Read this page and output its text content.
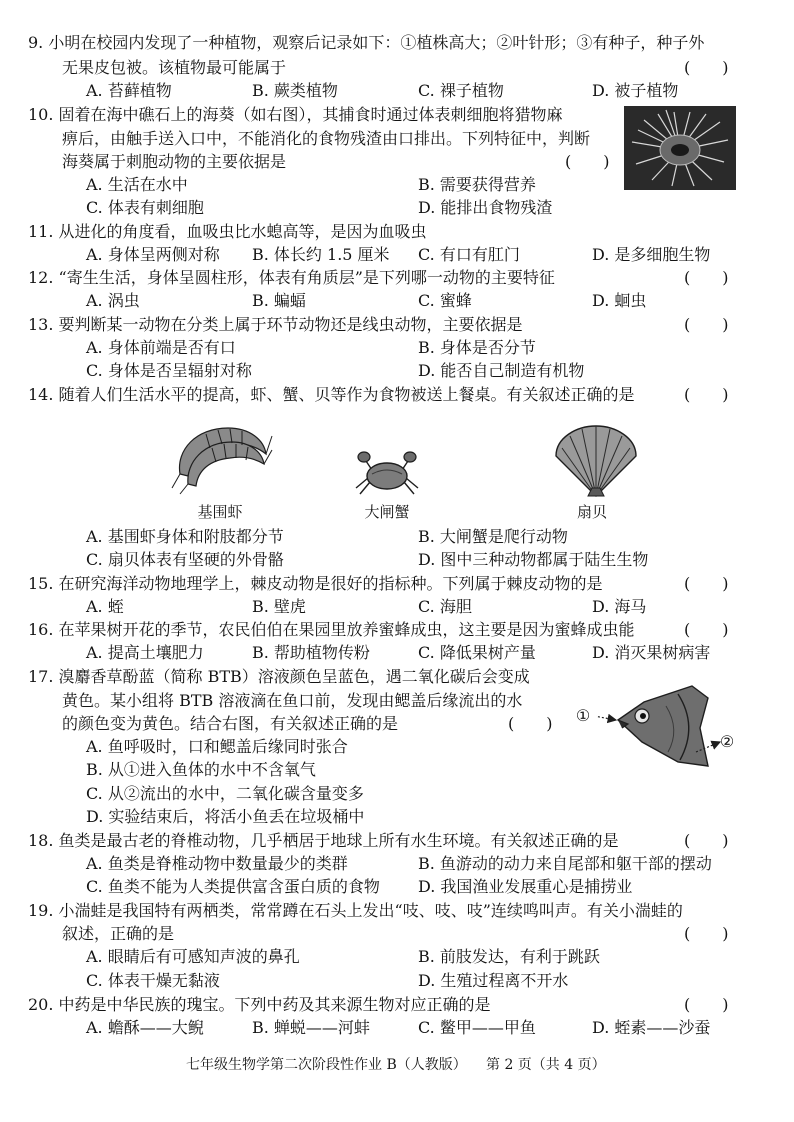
9. 小明在校园内发现了一种植物，观察后记录如下：①植株高大；②叶针形；③有种子，种子外
无果皮包被。该植物最可能属于	(　　)
A. 苔藓植物	B. 蕨类植物	C. 裸子植物	D. 被子植物
10. 固着在海中礁石上的海葵（如右图），其捕食时通过体表刺细胞将猎物麻
痹后，由触手送入口中，不能消化的食物残渣由口排出。下列特征中，判断
海葵属于刺胞动物的主要依据是	(　　)
A. 生活在水中	B. 需要获得营养
C. 体表有刺细胞	D. 能排出食物残渣
11. 从进化的角度看，血吸虫比水螅高等，是因为血吸虫
A. 身体呈两侧对称 B. 体长约 1.5 厘米 C. 有口有肛门	D. 是多细胞生物
12. “寄生生活，身体呈圆柱形，体表有角质层”是下列哪一动物的主要特征	(　　)
A. 涡虫	B. 蝙蝠	C. 蜜蜂	D. 蛔虫
13. 要判断某一动物在分类上属于环节动物还是线虫动物，主要依据是	(　　)
A. 身体前端是否有口	B. 身体是否分节
C. 身体是否呈辐射对称	D. 能否自己制造有机物
14. 随着人们生活水平的提高，虾、蟹、贝等作为食物被送上餐桌。有关叙述正确的是	(　　)
基围虾	大闸蟹	扇贝
A. 基围虾身体和附肢都分节	B. 大闸蟹是爬行动物
C. 扇贝体表有坚硬的外骨骼	D. 图中三种动物都属于陆生生物
15. 在研究海洋动物地理学上，棘皮动物是很好的指标种。下列属于棘皮动物的是	(　　)
A. 蛭	B. 壁虎	C. 海胆	D. 海马
16. 在苹果树开花的季节，农民伯伯在果园里放养蜜蜂成虫，这主要是因为蜜蜂成虫能	(　　)
A. 提高土壤肥力	B. 帮助植物传粉	C. 降低果树产量	D. 消灭果树病害
17. 溴麝香草酚蓝（简称 BTB）溶液颜色呈蓝色，遇二氧化碳后会变成
黄色。某小组将 BTB 溶液滴在鱼口前，发现由鳃盖后缘流出的水
的颜色变为黄色。结合右图，有关叙述正确的是	(　　)
A. 鱼呼吸时，口和鳃盖后缘同时张合
B. 从①进入鱼体的水中不含氧气
C. 从②流出的水中，二氧化碳含量变多
D. 实验结束后，将活小鱼丢在垃圾桶中
①
②
18. 鱼类是最古老的脊椎动物，几乎栖居于地球上所有水生环境。有关叙述正确的是	(　　)
A. 鱼类是脊椎动物中数量最少的类群	B. 鱼游动的动力来自尾部和躯干部的摆动
C. 鱼类不能为人类提供富含蛋白质的食物 D. 我国渔业发展重心是捕捞业
19. 小湍蛙是我国特有两栖类，常常蹲在石头上发出“吱、吱、吱”连续鸣叫声。有关小湍蛙的
叙述，正确的是	(　　)
A. 眼睛后有可感知声波的鼻孔	B. 前肢发达，有利于跳跃
C. 体表干燥无黏液	D. 生殖过程离不开水
20. 中药是中华民族的瑰宝。下列中药及其来源生物对应正确的是	(　　)
A. 蟾酥——大鲵	B. 蝉蜕——河蚌	C. 鳖甲——甲鱼	D. 蛭素——沙蚕
七年级生物学第二次阶段性作业 B（人教版） 第 2 页（共 4 页）
